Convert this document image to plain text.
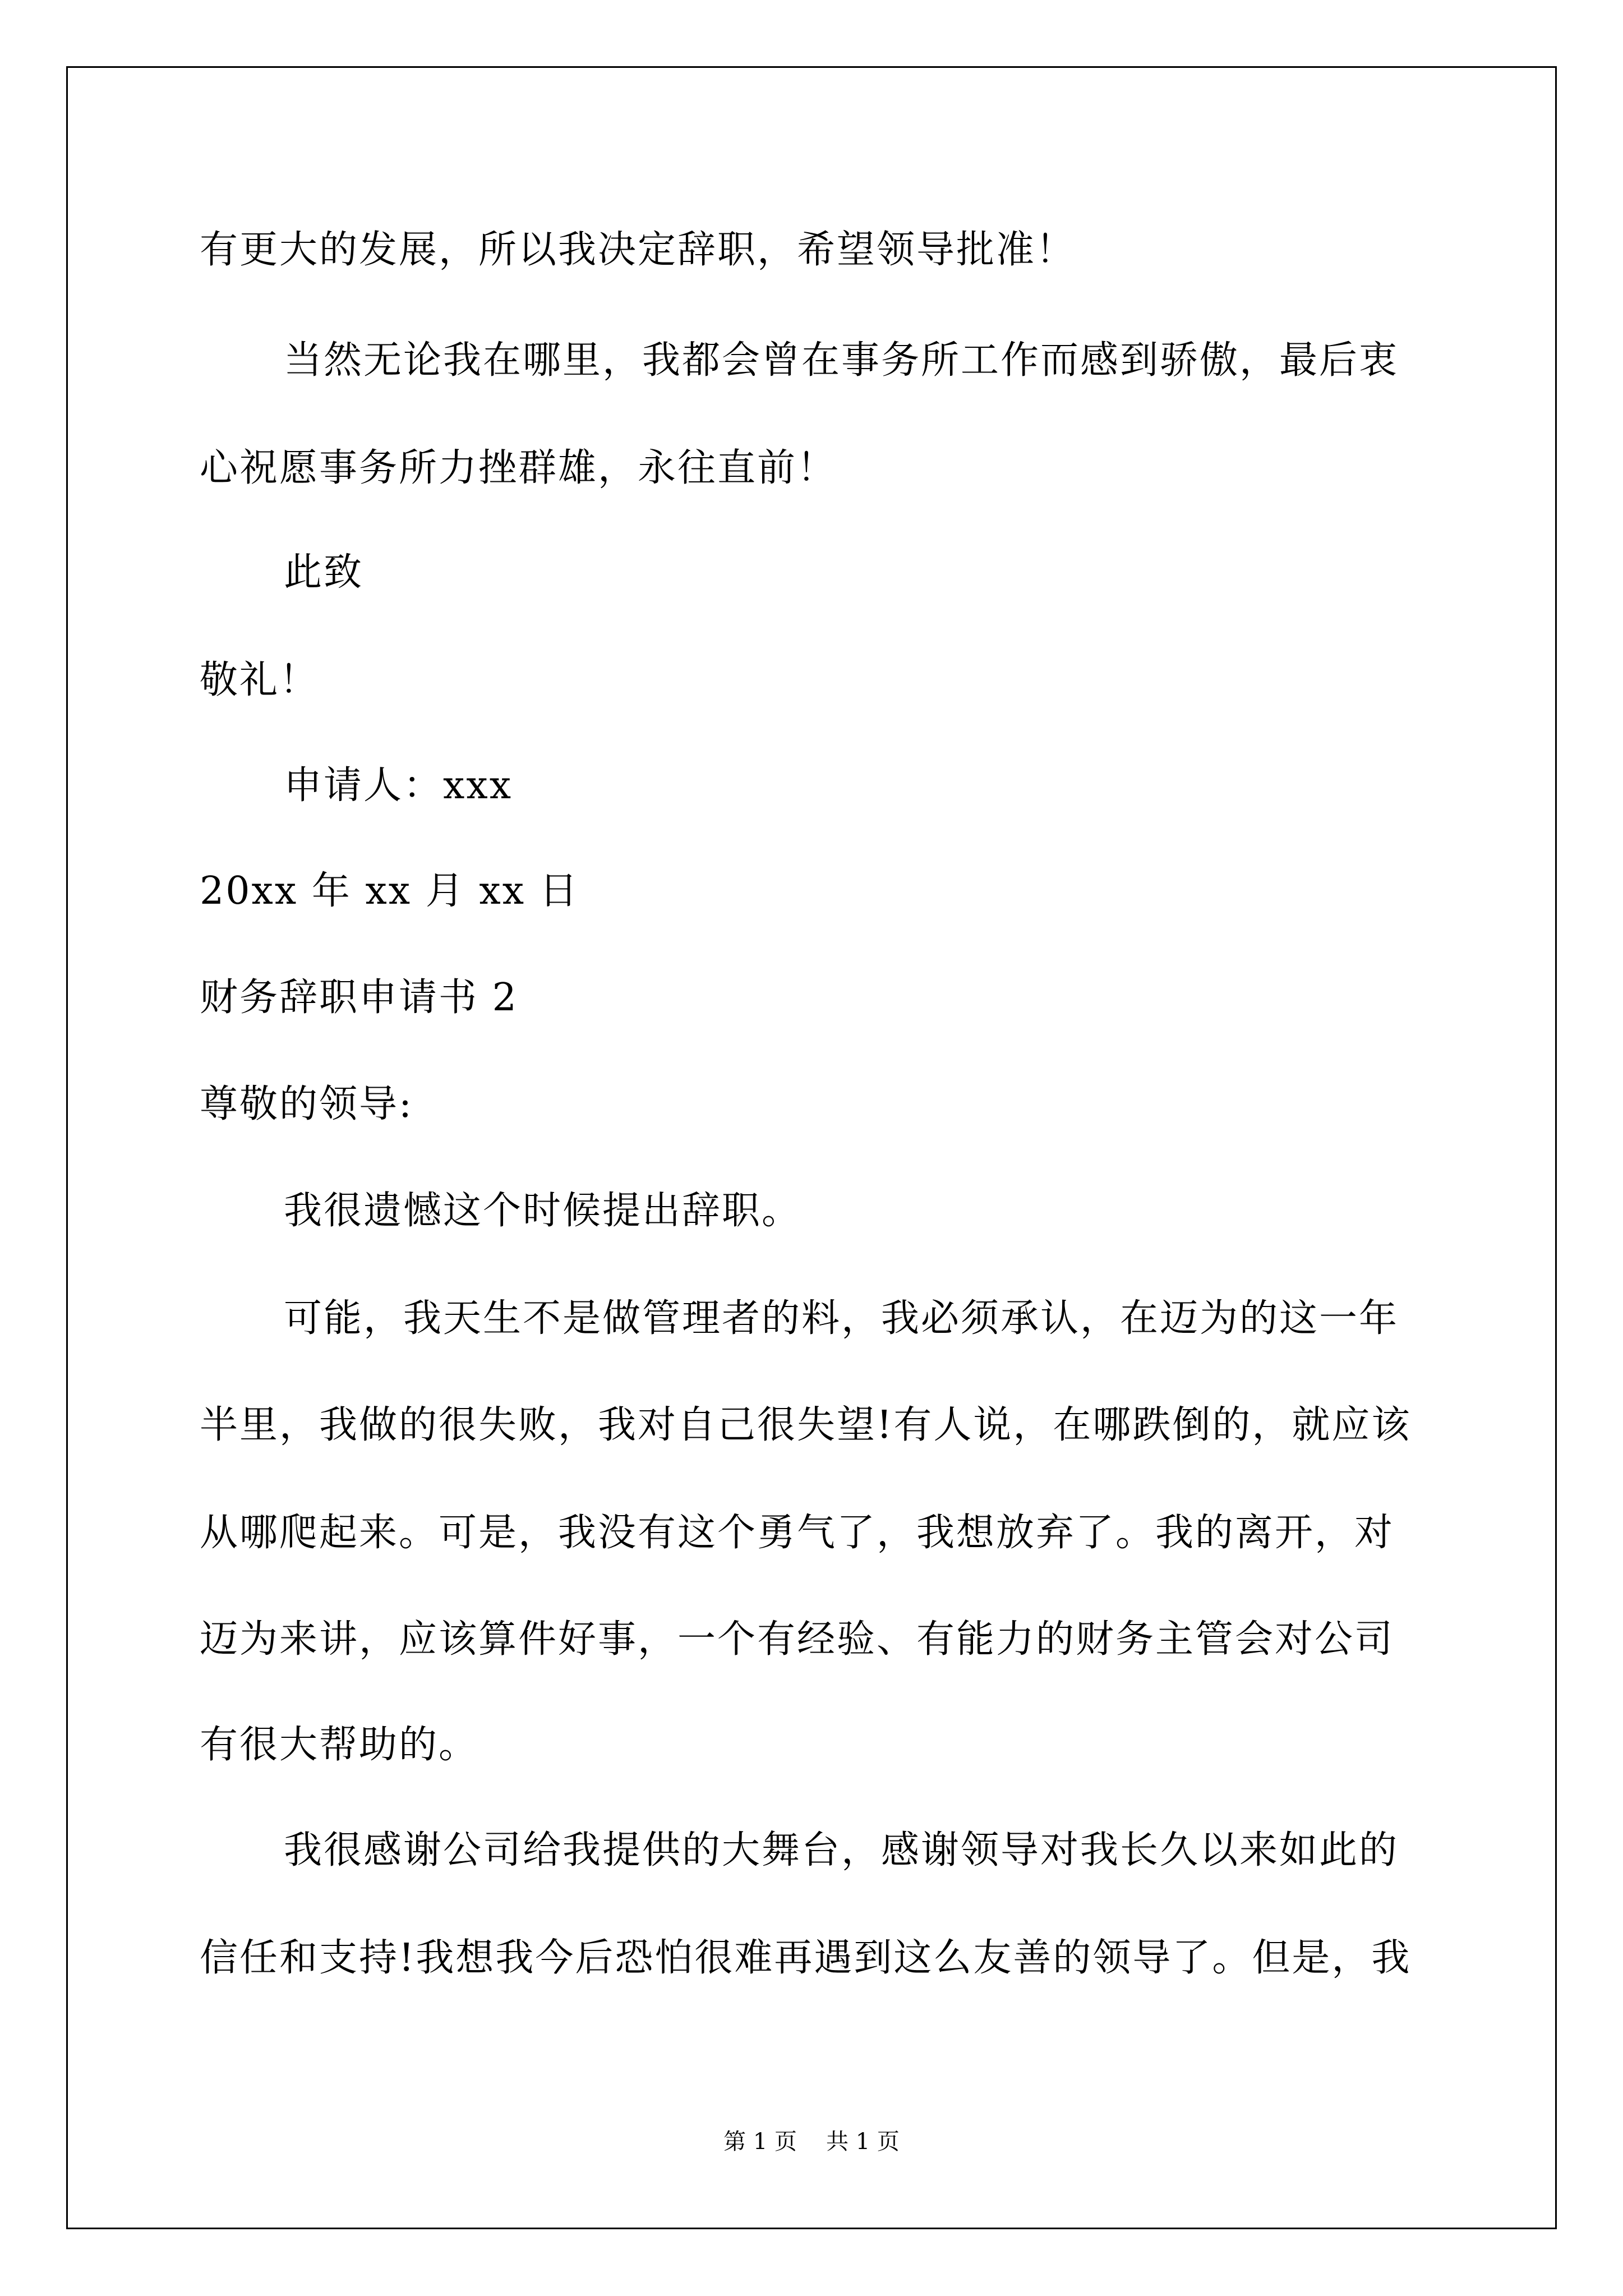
有更大的发展，所以我决定辞职，希望领导批准！
当然无论我在哪里，我都会曾在事务所工作而感到骄傲，最后衷
心祝愿事务所力挫群雄，永往直前！
此致
敬礼！
申请人：xxx
20xx 年 xx 月 xx 日
财务辞职申请书 2
尊敬的领导:
我很遗憾这个时候提出辞职。
可能，我天生不是做管理者的料，我必须承认，在迈为的这一年
半里，我做的很失败，我对自己很失望!有人说，在哪跌倒的，就应该
从哪爬起来。可是，我没有这个勇气了，我想放弃了。我的离开，对
迈为来讲，应该算件好事，一个有经验、有能力的财务主管会对公司
有很大帮助的。
我很感谢公司给我提供的大舞台，感谢领导对我长久以来如此的
信任和支持!我想我今后恐怕很难再遇到这么友善的领导了。但是，我
第 1 页 共 1 页
